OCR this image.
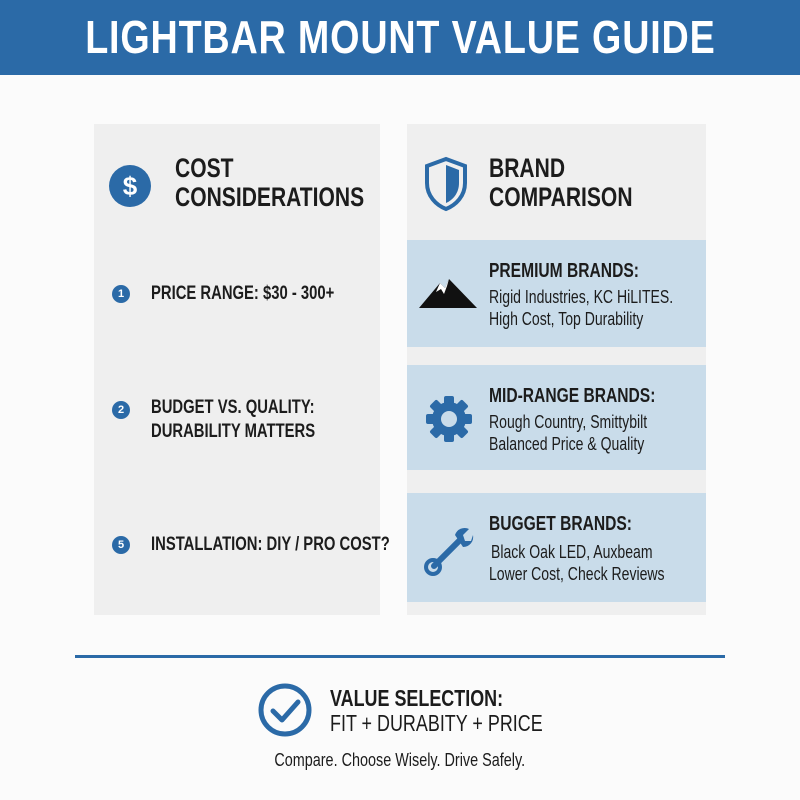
LIGHTBAR MOUNT VALUE GUIDE
$
COST
CONSIDERATIONS
1	PRICE RANGE: $30 - 300+
2	BUDGET VS. QUALITY:
DURABILITY MATTERS
5	INSTALLATION: DIY / PRO COST?
BRAND
COMPARISON
PREMIUM BRANDS:
Rigid Industries, KC HiLITES.
High Cost, Top Durability
MID-RANGE BRANDS:
Rough Country, Smittybilt
Balanced Price & Quality
BUGGET BRANDS:
Black Oak LED, Auxbeam
Lower Cost, Check Reviews
VALUE SELECTION:
FIT + DURABITY + PRICE
Compare. Choose Wisely. Drive Safely.
